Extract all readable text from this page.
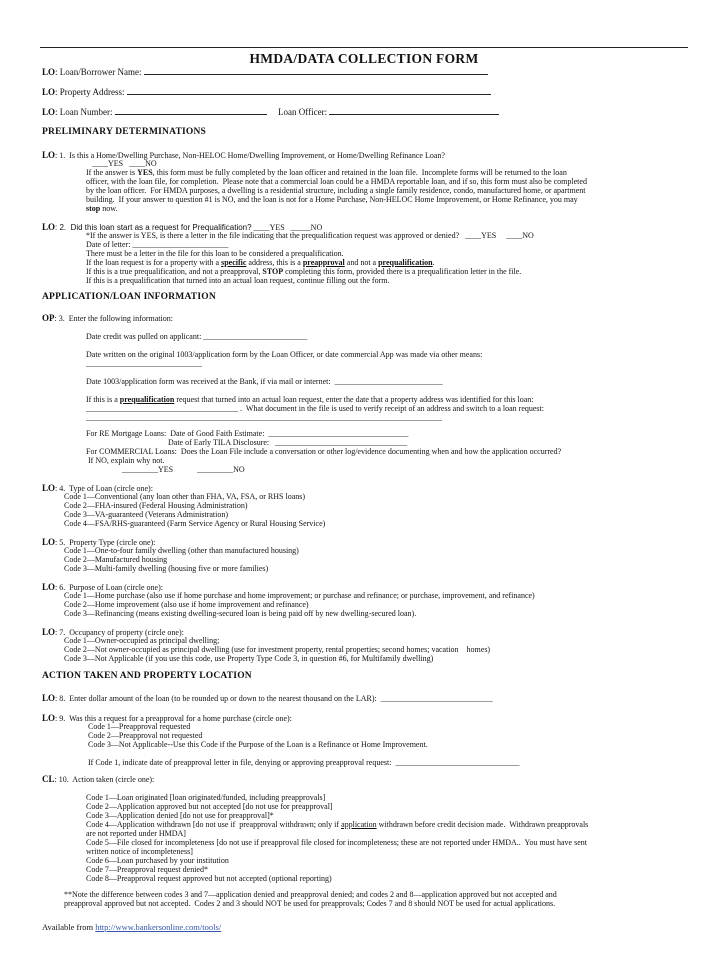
HMDA/DATA COLLECTION FORM
LO: Loan/Borrower Name:
LO: Property Address:
LO: Loan Number:	Loan Officer:
PRELIMINARY DETERMINATIONS
LO: 1.  Is this a Home/Dwelling Purchase, Non-HELOC Home/Dwelling Improvement, or Home/Dwelling Refinance Loan?
____YES   ____NO
If the answer is YES, this form must be fully completed by the loan officer and retained in the loan file.  Incomplete forms will be returned to the loan
officer, with the loan file, for completion.  Please note that a commercial loan could be a HMDA reportable loan, and if so, this form must also be completed
by the loan officer.  For HMDA purposes, a dwelling is a residential structure, including a single family residence, condo, manufactured home, or apartment
building.  If your answer to question #1 is NO, and the loan is not for a Home Purchase, Non-HELOC Home Improvement, or Home Refinance, you may
stop now.
LO: 2.  Did this loan start as a request for Prequalification? ____YES   _____NO
*If the answer is YES, is there a letter in the file indicating that the prequalification request was approved or denied?   ____YES     ____NO
Date of letter: ________________________
There must be a letter in the file for this loan to be considered a prequalification.
If the loan request is for a property with a specific address, this is a preapproval and not a prequalification.
If this is a true prequalification, and not a preapproval, STOP completing this form, provided there is a prequalification letter in the file.
If this is a prequalification that turned into an actual loan request, continue filling out the form.
APPLICATION/LOAN INFORMATION
OP: 3.  Enter the following information:
Date credit was pulled on applicant: __________________________
Date written on the original 1003/application form by the Loan Officer, or date commercial App was made via other means:
_____________________________
Date 1003/application form was received at the Bank, if via mail or internet:  ___________________________
If this is a prequalification request that turned into an actual loan request, enter the date that a property address was identified for this loan:
______________________________________ .  What document in the file is used to verify receipt of an address and switch to a loan request:
_________________________________________________________________________________________
For RE Mortgage Loans:  Date of Good Faith Estimate:  ___________________________________
Date of Early TILA Disclosure:   _________________________________
For COMMERCIAL Loans:  Does the Loan File include a conversation or other log/evidence documenting when and how the application occurred?
If NO, explain why not.
_________YES            _________NO
LO: 4.  Type of Loan (circle one):
Code 1—Conventional (any loan other than FHA, VA, FSA, or RHS loans)
Code 2—FHA-insured (Federal Housing Administration)
Code 3—VA-guaranteed (Veterans Administration)
Code 4—FSA/RHS-guaranteed (Farm Service Agency or Rural Housing Service)
LO: 5.  Property Type (circle one):
Code 1—One-to-four family dwelling (other than manufactured housing)
Code 2—Manufactured housing
Code 3—Multi-family dwelling (housing five or more families)
LO: 6.  Purpose of Loan (circle one):
Code 1—Home purchase (also use if home purchase and home improvement; or purchase and refinance; or purchase, improvement, and refinance)
Code 2—Home improvement (also use if home improvement and refinance)
Code 3—Refinancing (means existing dwelling-secured loan is being paid off by new dwelling-secured loan).
LO: 7.  Occupancy of property (circle one):
Code 1—Owner-occupied as principal dwelling;
Code 2—Not owner-occupied as principal dwelling (use for investment property, rental properties; second homes; vacation    homes)
Code 3—Not Applicable (if you use this code, use Property Type Code 3, in question #6, for Multifamily dwelling)
ACTION TAKEN AND PROPERTY LOCATION
LO: 8.  Enter dollar amount of the loan (to be rounded up or down to the nearest thousand on the LAR):  ____________________________
LO: 9.  Was this a request for a preapproval for a home purchase (circle one):
Code 1—Preapproval requested
Code 2—Preapproval not requested
Code 3—Not Applicable--Use this Code if the Purpose of the Loan is a Refinance or Home Improvement.
If Code 1, indicate date of preapproval letter in file, denying or approving preapproval request:  _______________________________
CL: 10.  Action taken (circle one):
Code 1—Loan originated [loan originated/funded, including preapprovals]
Code 2—Application approved but not accepted [do not use for preapproval]
Code 3—Application denied [do not use for preapproval]*
Code 4—Application withdrawn [do not use if  preapproval withdrawn; only if application withdrawn before credit decision made.  Withdrawn preapprovals
are not reported under HMDA]
Code 5—File closed for incompleteness [do not use if preapproval file closed for incompleteness; these are not reported under HMDA..  You must have sent
written notice of incompleteness]
Code 6—Loan purchased by your institution
Code 7—Preapproval request denied*
Code 8—Preapproval request approved but not accepted (optional reporting)
**Note the difference between codes 3 and 7—application denied and preapproval denied; and codes 2 and 8—application approved but not accepted and
preapproval approved but not accepted.  Codes 2 and 3 should NOT be used for preapprovals; Codes 7 and 8 should NOT be used for actual applications.
Available from http://www.bankersonline.com/tools/
